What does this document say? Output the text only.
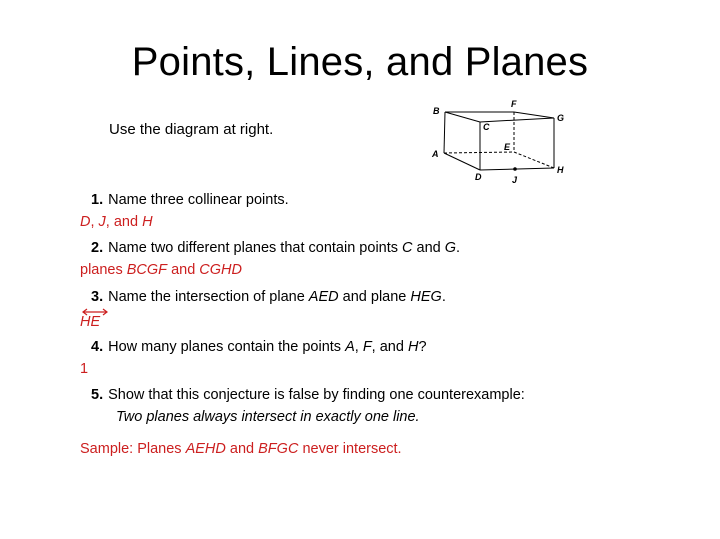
Points, Lines, and Planes
Use the diagram at right.
B
F
C
G
E
A
D	J
H
1. Name three collinear points.
D, J, and H
2. Name two different planes that contain points C and G.
planes BCGF and CGHD
3. Name the intersection of plane AED and plane HEG.
HE
4. How many planes contain the points A, F, and H?
1
5. Show that this conjecture is false by finding one counterexample:
Two planes always intersect in exactly one line.
Sample: Planes AEHD and BFGC never intersect.
